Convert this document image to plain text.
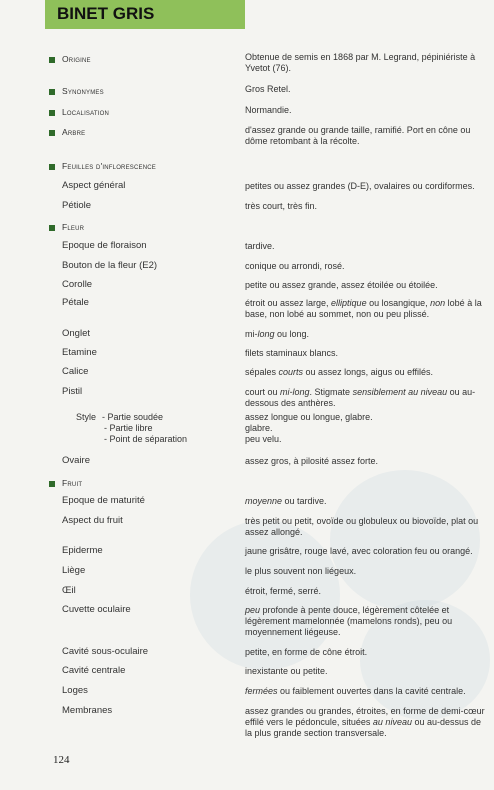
BINET GRIS
Origine	Obtenue de semis en 1868 par M. Legrand, pépiniériste à Yvetot (76).
Synonymes	Gros Retel.
Localisation	Normandie.
Arbre	d'assez grande ou grande taille, ramifié. Port en cône ou dôme retombant à la récolte.
Feuilles d'inflorescence
Aspect général	petites ou assez grandes (D-E), ovalaires ou cordiformes.
Pétiole	très court, très fin.
Fleur
Epoque de floraison	tardive.
Bouton de la fleur (E2)	conique ou arrondi, rosé.
Corolle	petite ou assez grande, assez étoilée ou étoilée.
Pétale	étroit ou assez large, elliptique ou losangique, non lobé à la base, non lobé au sommet, non ou peu plissé.
Onglet	mi-long ou long.
Etamine	filets staminaux blancs.
Calice	sépales courts ou assez longs, aigus ou effilés.
Pistil	court ou mi-long. Stigmate sensiblement au niveau ou au-dessous des anthères.
Style - Partie soudée	assez longue ou longue, glabre.
- Partie libre	glabre.
- Point de séparation	peu velu.
Ovaire	assez gros, à pilosité assez forte.
Fruit
Epoque de maturité	moyenne ou tardive.
Aspect du fruit	très petit ou petit, ovoïde ou globuleux ou biovoïde, plat ou assez allongé.
Epiderme	jaune grisâtre, rouge lavé, avec coloration feu ou orangé.
Liège	le plus souvent non liégeux.
Œil	étroit, fermé, serré.
Cuvette oculaire	peu profonde à pente douce, légèrement côtelée et légèrement mamelonnée (mamelons ronds), peu ou moyennement liégeuse.
Cavité sous-oculaire	petite, en forme de cône étroit.
Cavité centrale	inexistante ou petite.
Loges	fermées ou faiblement ouvertes dans la cavité centrale.
Membranes	assez grandes ou grandes, étroites, en forme de demi-cœur effilé vers le pédoncule, situées au niveau ou au-dessus de la plus grande section transversale.
124
